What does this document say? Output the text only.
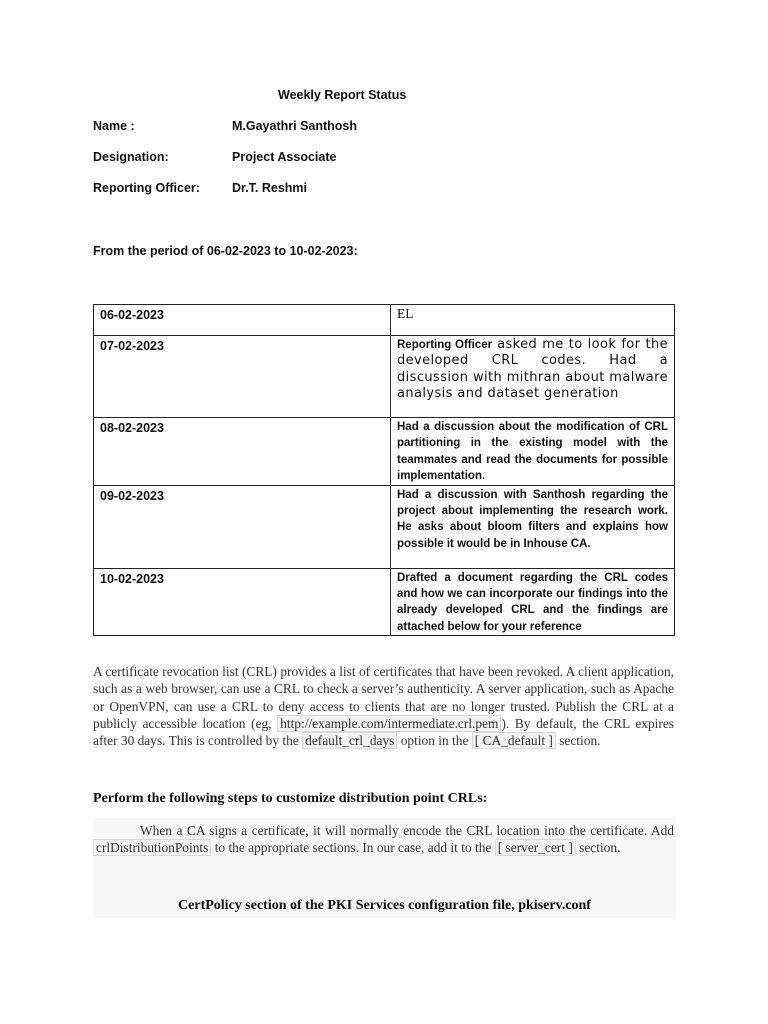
Weekly Report Status
Name :	M.Gayathri Santhosh
Designation:	Project Associate
Reporting Officer:	Dr.T. Reshmi
From the period of 06-02-2023 to 10-02-2023:
06-02-2023	EL
07-02-2023	Reporting Officer asked me to look for the developed CRL codes. Had a discussion with mithran about malware analysis and dataset generation
08-02-2023	Had a discussion about the modification of CRL partitioning in the existing model with the teammates and read the documents for possible implementation.
09-02-2023	Had a discussion with Santhosh regarding the project about implementing the research work. He asks about bloom filters and explains how possible it would be in Inhouse CA.
10-02-2023	Drafted a document regarding the CRL codes and how we can incorporate our findings into the already developed CRL and the findings are attached below for your reference
A certificate revocation list (CRL) provides a list of certificates that have been revoked. A client application, such as a web browser, can use a CRL to check a server’s authenticity. A server application, such as Apache or OpenVPN, can use a CRL to deny access to clients that are no longer trusted. Publish the CRL at a publicly accessible location (eg, http://example.com/intermediate.crl.pem ). By default, the CRL expires after 30 days. This is controlled by the default_crl_days option in the [ CA_default ] section.
Perform the following steps to customize distribution point CRLs:
When a CA signs a certificate, it will normally encode the CRL location into the certificate. Add crlDistributionPoints to the appropriate sections. In our case, add it to the [ server_cert ] section.
CertPolicy section of the PKI Services configuration file, pkiserv.conf
